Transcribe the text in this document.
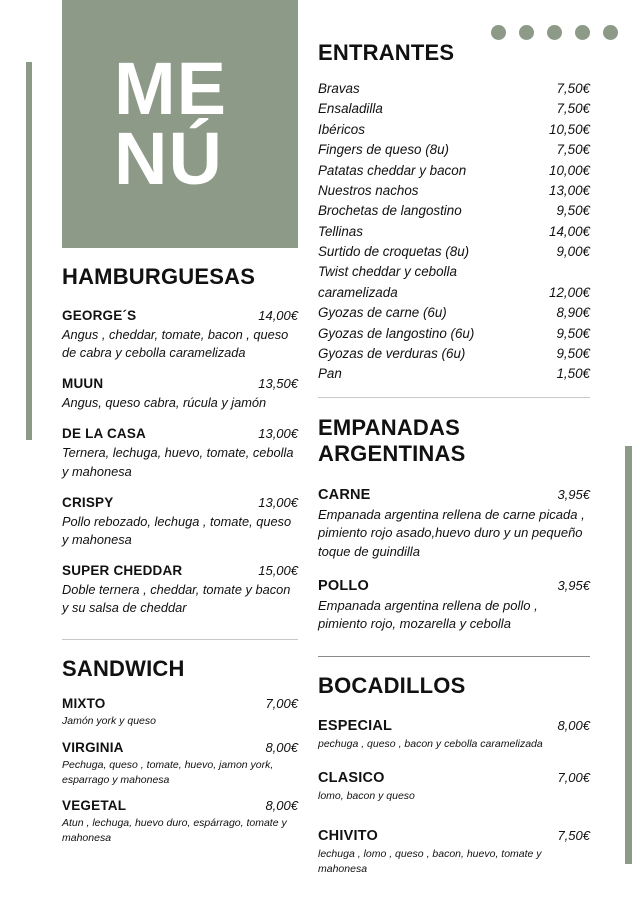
ME
NÚ
HAMBURGUESAS
GEORGE´S	14,00€
Angus , cheddar, tomate, bacon , queso de cabra y cebolla caramelizada
MUUN	13,50€
Angus, queso cabra, rúcula y jamón
DE LA CASA	13,00€
Ternera, lechuga, huevo, tomate, cebolla y mahonesa
CRISPY	13,00€
Pollo rebozado, lechuga , tomate, queso y mahonesa
SUPER CHEDDAR	15,00€
Doble ternera , cheddar, tomate y bacon y su salsa de cheddar
SANDWICH
MIXTO	7,00€
Jamón york y queso
VIRGINIA	8,00€
Pechuga, queso , tomate, huevo, jamon york, esparrago y mahonesa
VEGETAL	8,00€
Atun , lechuga, huevo duro, espárrago, tomate y mahonesa
ENTRANTES
Bravas	7,50€
Ensaladilla	7,50€
Ibéricos	10,50€
Fingers de queso (8u)	7,50€
Patatas cheddar y bacon	10,00€
Nuestros nachos	13,00€
Brochetas de langostino	9,50€
Tellinas	14,00€
Surtido de croquetas (8u)	9,00€
Twist cheddar y cebolla
caramelizada	12,00€
Gyozas de carne (6u)	8,90€
Gyozas de langostino (6u)	9,50€
Gyozas de verduras (6u)	9,50€
Pan	1,50€
EMPANADAS ARGENTINAS
CARNE	3,95€
Empanada argentina rellena de carne picada , pimiento rojo asado,huevo duro y un pequeño toque de guindilla
POLLO	3,95€
Empanada argentina rellena de pollo , pimiento rojo, mozarella y cebolla
BOCADILLOS
ESPECIAL	8,00€
pechuga , queso , bacon y cebolla caramelizada
CLASICO	7,00€
lomo, bacon y queso
CHIVITO	7,50€
lechuga , lomo , queso , bacon, huevo, tomate y mahonesa
